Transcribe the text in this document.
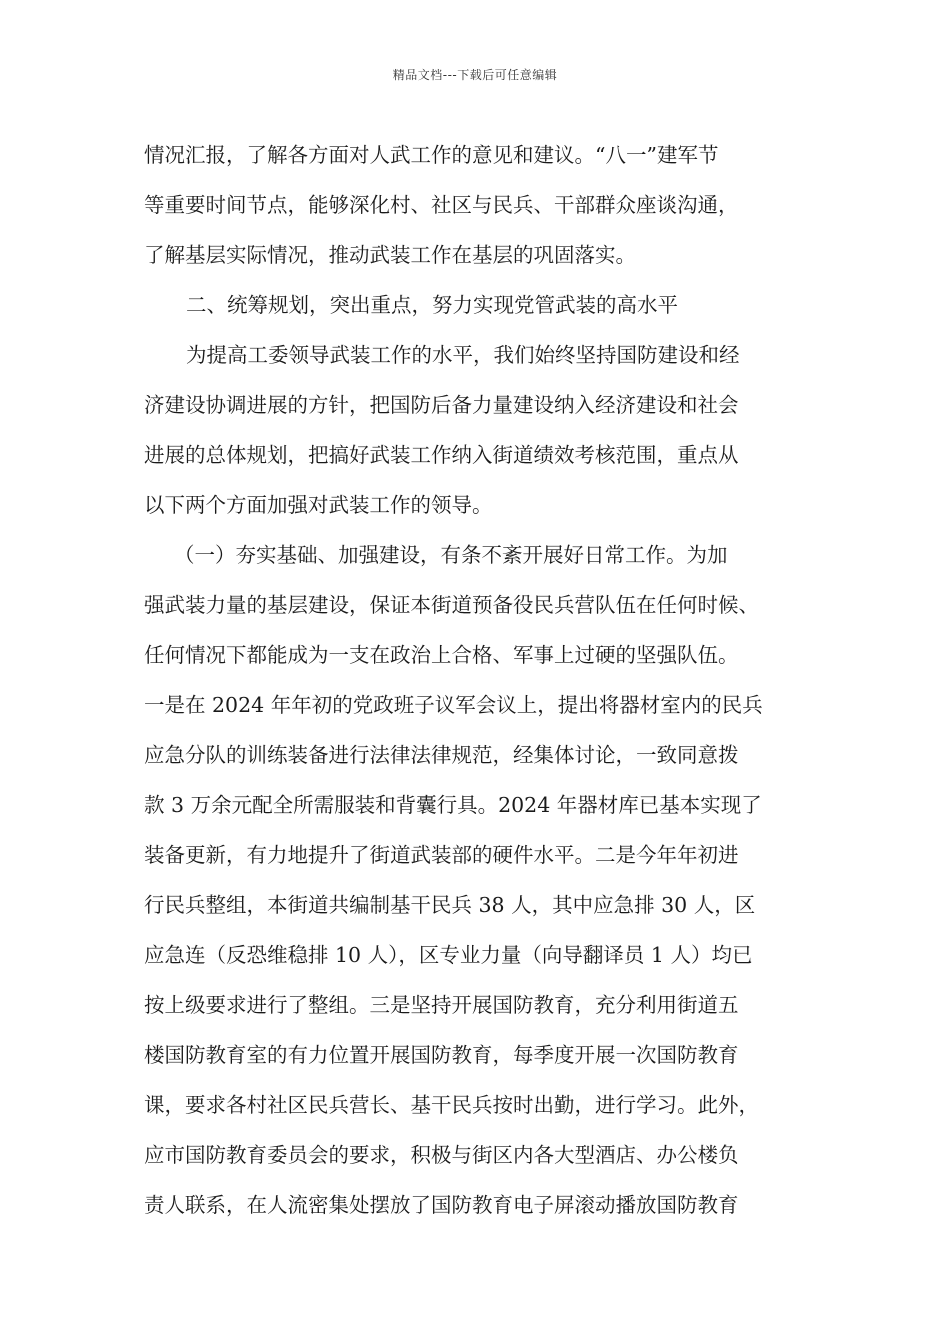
精品文档---下载后可任意编辑
情况汇报，了解各方面对人武工作的意见和建议。“八一”建军节
等重要时间节点，能够深化村、社区与民兵、干部群众座谈沟通，
了解基层实际情况，推动武装工作在基层的巩固落实。
二、统筹规划，突出重点，努力实现党管武装的高水平
为提高工委领导武装工作的水平，我们始终坚持国防建设和经
济建设协调进展的方针，把国防后备力量建设纳入经济建设和社会
进展的总体规划，把搞好武装工作纳入街道绩效考核范围，重点从
以下两个方面加强对武装工作的领导。
（一）夯实基础、加强建设，有条不紊开展好日常工作。为加
强武装力量的基层建设，保证本街道预备役民兵营队伍在任何时候、
任何情况下都能成为一支在政治上合格、军事上过硬的坚强队伍。
一是在 2024 年年初的党政班子议军会议上，提出将器材室内的民兵
应急分队的训练装备进行法律法律规范，经集体讨论，一致同意拨
款 3 万余元配全所需服装和背囊行具。2024 年器材库已基本实现了
装备更新，有力地提升了街道武装部的硬件水平。二是今年年初进
行民兵整组，本街道共编制基干民兵 38 人，其中应急排 30 人，区
应急连（反恐维稳排 10 人），区专业力量（向导翻译员 1 人）均已
按上级要求进行了整组。三是坚持开展国防教育，充分利用街道五
楼国防教育室的有力位置开展国防教育，每季度开展一次国防教育
课，要求各村社区民兵营长、基干民兵按时出勤，进行学习。此外，
应市国防教育委员会的要求，积极与街区内各大型酒店、办公楼负
责人联系，在人流密集处摆放了国防教育电子屏滚动播放国防教育
